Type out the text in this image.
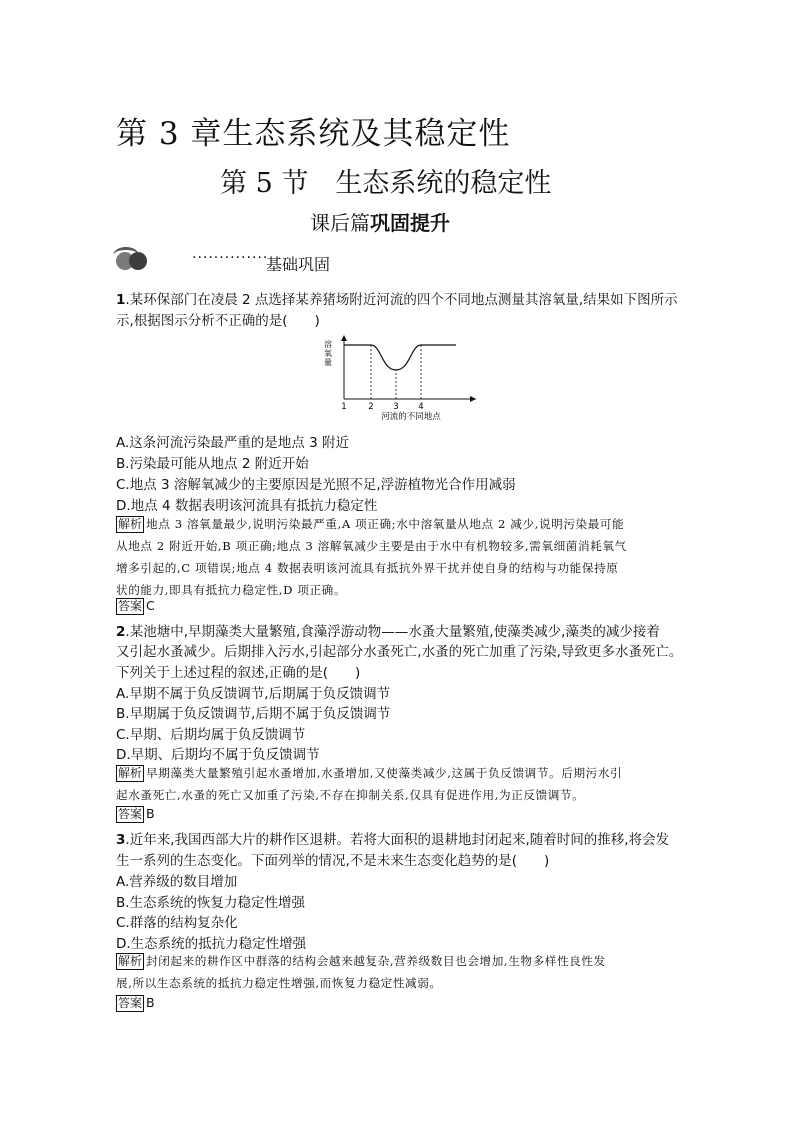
第 3 章生态系统及其稳定性
第 5 节　生态系统的稳定性
课后篇巩固提升
··············
基础巩固
1.某环保部门在凌晨 2 点选择某养猪场附近河流的四个不同地点测量其溶氧量,结果如下图所示
示,根据图示分析不正确的是(　　)
溶
氧
量
1	2 3 4
河流的不同地点
A.这条河流污染最严重的是地点 3 附近
B.污染最可能从地点 2 附近开始
C.地点 3 溶解氧减少的主要原因是光照不足,浮游植物光合作用减弱
D.地点 4 数据表明该河流具有抵抗力稳定性
解析 地点 3 溶氧量最少,说明污染最严重,A 项正确;水中溶氧量从地点 2 减少,说明污染最可能
从地点 2 附近开始,B 项正确;地点 3 溶解氧减少主要是由于水中有机物较多,需氧细菌消耗氧气
增多引起的,C 项错误;地点 4 数据表明该河流具有抵抗外界干扰并使自身的结构与功能保持原
状的能力,即具有抵抗力稳定性,D 项正确。
答案 C
2.某池塘中,早期藻类大量繁殖,食藻浮游动物——水蚤大量繁殖,使藻类减少,藻类的减少接着
又引起水蚤减少。后期排入污水,引起部分水蚤死亡,水蚤的死亡加重了污染,导致更多水蚤死亡。
下列关于上述过程的叙述,正确的是(　　)
A.早期不属于负反馈调节,后期属于负反馈调节
B.早期属于负反馈调节,后期不属于负反馈调节
C.早期、后期均属于负反馈调节
D.早期、后期均不属于负反馈调节
解析 早期藻类大量繁殖引起水蚤增加,水蚤增加,又使藻类减少,这属于负反馈调节。后期污水引
起水蚤死亡,水蚤的死亡又加重了污染,不存在抑制关系,仅具有促进作用,为正反馈调节。
答案 B
3.近年来,我国西部大片的耕作区退耕。若将大面积的退耕地封闭起来,随着时间的推移,将会发
生一系列的生态变化。下面列举的情况,不是未来生态变化趋势的是(　　)
A.营养级的数目增加
B.生态系统的恢复力稳定性增强
C.群落的结构复杂化
D.生态系统的抵抗力稳定性增强
解析 封闭起来的耕作区中群落的结构会越来越复杂,营养级数目也会增加,生物多样性良性发
展,所以生态系统的抵抗力稳定性增强,而恢复力稳定性减弱。
答案 B
